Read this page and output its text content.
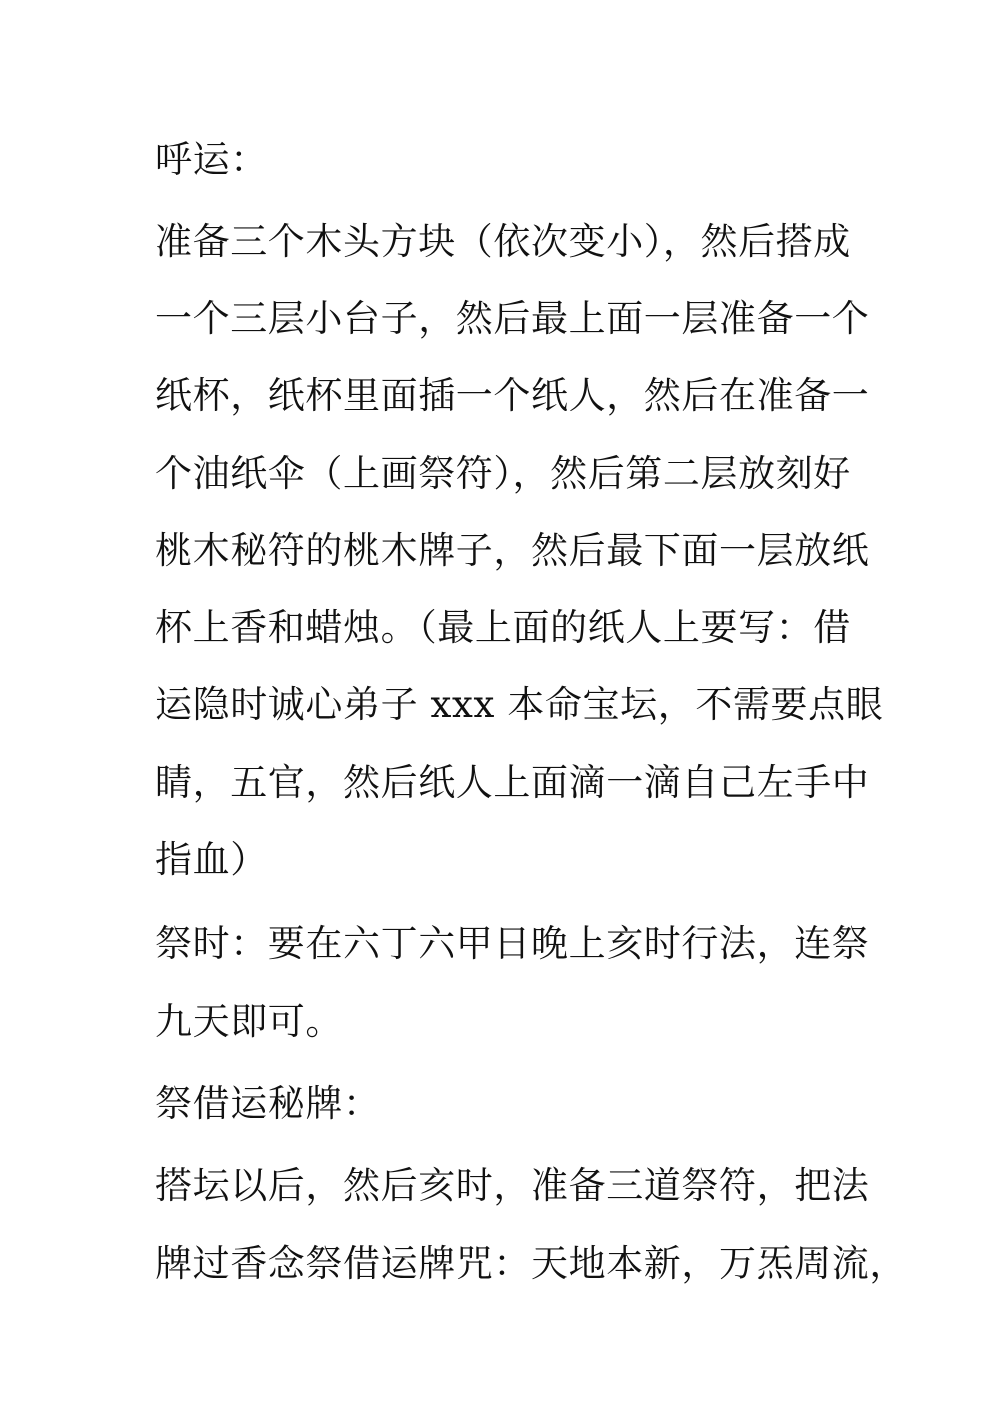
呼运：
准备三个木头方块（依次变小），然后搭成
一个三层小台子，然后最上面一层准备一个
纸杯，纸杯里面插一个纸人，然后在准备一
个油纸伞（上画祭符），然后第二层放刻好
桃木秘符的桃木牌子，然后最下面一层放纸
杯上香和蜡烛。（最上面的纸人上要写：借
运隐时诚心弟子 xxx 本命宝坛，不需要点眼
睛，五官，然后纸人上面滴一滴自己左手中
指血）
祭时：要在六丁六甲日晚上亥时行法，连祭
九天即可。
祭借运秘牌：
搭坛以后，然后亥时，准备三道祭符，把法
牌过香念祭借运牌咒：天地本新，万炁周流，
